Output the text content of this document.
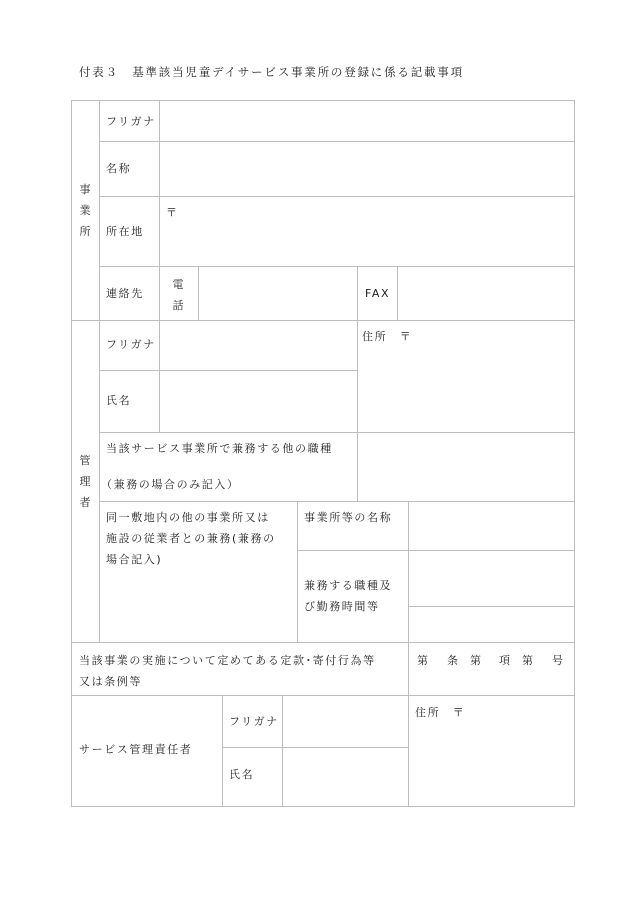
付表３　基準該当児童デイサービス事業所の登録に係る記載事項
事
業
所
フリガナ
名称
〒
所在地
連絡先
電
話
FAX
管
理
者
フリガナ
氏名
住所　〒
当該サービス事業所で兼務する他の職種
（兼務の場合のみ記入）
同一敷地内の他の事業所又は
施設の従業者との兼務(兼務の
場合記入)
事業所等の名称
兼務する職種及
び勤務時間等
当該事業の実施について定めてある定款･寄付行為等
又は条例等
第 条 第 項 第 号
サービス管理責任者
フリガナ
氏名
住所　〒
